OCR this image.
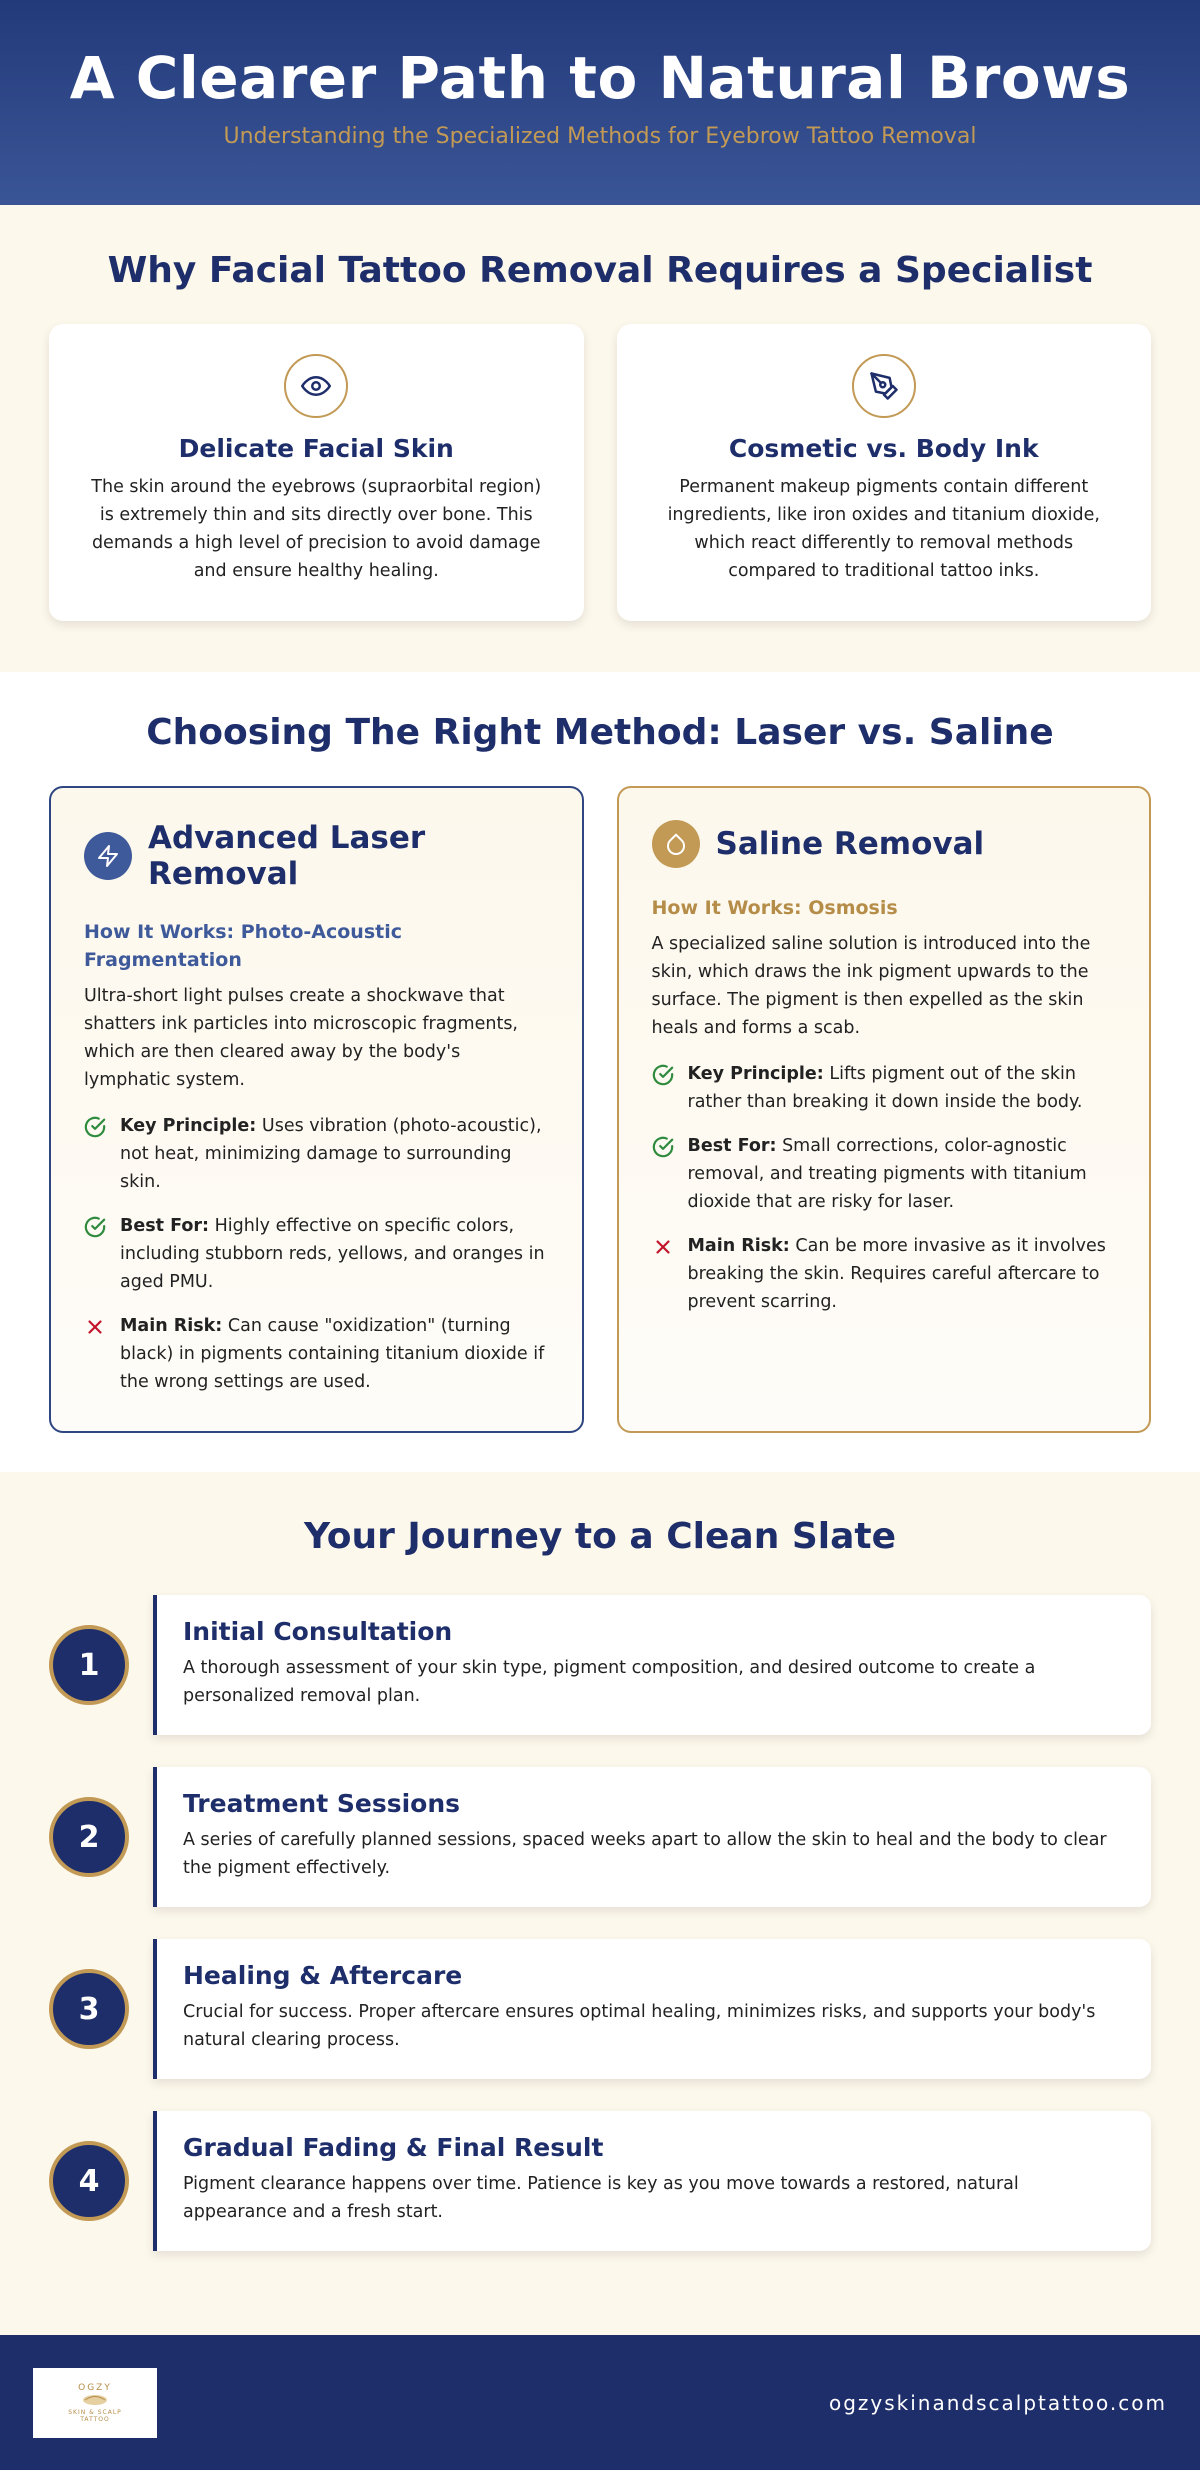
A Clearer Path to Natural Brows
Understanding the Specialized Methods for Eyebrow Tattoo Removal
Why Facial Tattoo Removal Requires a Specialist
Delicate Facial Skin

The skin around the eyebrows (supraorbital region) is extremely thin and sits directly over bone. This demands a high level of precision to avoid damage and ensure healthy healing.

Cosmetic vs. Body Ink

Permanent makeup pigments contain different ingredients, like iron oxides and titanium dioxide, which react differently to removal methods compared to traditional tattoo inks.

Choosing The Right Method: Laser vs. Saline
Advanced Laser
Removal
How It Works: Photo-Acoustic Fragmentation

Ultra-short light pulses create a shockwave that shatters ink particles into microscopic fragments, which are then cleared away by the body's lymphatic system.

Key Principle: Uses vibration (photo-acoustic), not heat, minimizing damage to surrounding skin.
Best For: Highly effective on specific colors, including stubborn reds, yellows, and oranges in aged PMU.
Main Risk: Can cause "oxidization" (turning black) in pigments containing titanium dioxide if the wrong settings are used.
Saline Removal
How It Works: Osmosis

A specialized saline solution is introduced into the skin, which draws the ink pigment upwards to the surface. The pigment is then expelled as the skin heals and forms a scab.

Key Principle: Lifts pigment out of the skin rather than breaking it down inside the body.
Best For: Small corrections, color-agnostic removal, and treating pigments with titanium dioxide that are risky for laser.
Main Risk: Can be more invasive as it involves breaking the skin. Requires careful aftercare to prevent scarring.
Your Journey to a Clean Slate
1
Initial Consultation

A thorough assessment of your skin type, pigment composition, and desired outcome to create a personalized removal plan.

2
Treatment Sessions

A series of carefully planned sessions, spaced weeks apart to allow the skin to heal and the body to clear the pigment effectively.

3
Healing & Aftercare

Crucial for success. Proper aftercare ensures optimal healing, minimizes risks, and supports your body's natural clearing process.

4
Gradual Fading & Final Result

Pigment clearance happens over time. Patience is key as you move towards a restored, natural appearance and a fresh start.

OGZY
SKIN & SCALP
TATTOO
ogzyskinandscalptattoo.com
